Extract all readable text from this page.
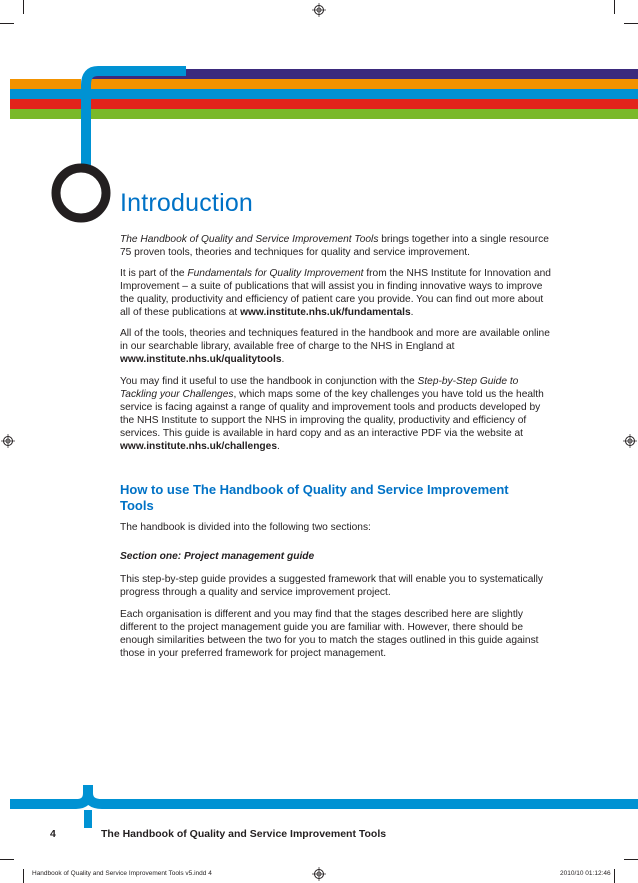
Introduction

The Handbook of Quality and Service Improvement Tools brings together into a single resource 75 proven tools, theories and techniques for quality and service improvement.

It is part of the Fundamentals for Quality Improvement from the NHS Institute for Innovation and Improvement – a suite of publications that will assist you in finding innovative ways to improve the quality, productivity and efficiency of patient care you provide. You can find out more about all of these publications at www.institute.nhs.uk/fundamentals.

All of the tools, theories and techniques featured in the handbook and more are available online in our searchable library, available free of charge to the NHS in England at www.institute.nhs.uk/qualitytools.

You may find it useful to use the handbook in conjunction with the Step-by-Step Guide to Tackling your Challenges, which maps some of the key challenges you have told us the health service is facing against a range of quality and improvement tools and products developed by the NHS Institute to support the NHS in improving the quality, productivity and efficiency of services. This guide is available in hard copy and as an interactive PDF via the website at www.institute.nhs.uk/challenges.

How to use The Handbook of Quality and Service Improvement Tools

The handbook is divided into the following two sections:

Section one: Project management guide

This step-by-step guide provides a suggested framework that will enable you to systematically progress through a quality and service improvement project.

Each organisation is different and you may find that the stages described here are slightly different to the project management guide you are familiar with. However, there should be enough similarities between the two for you to match the stages outlined in this guide against those in your preferred framework for project management.

4	The Handbook of Quality and Service Improvement Tools
Handbook of Quality and Service Improvement Tools v5.indd 4	2010/10 01:12:46
